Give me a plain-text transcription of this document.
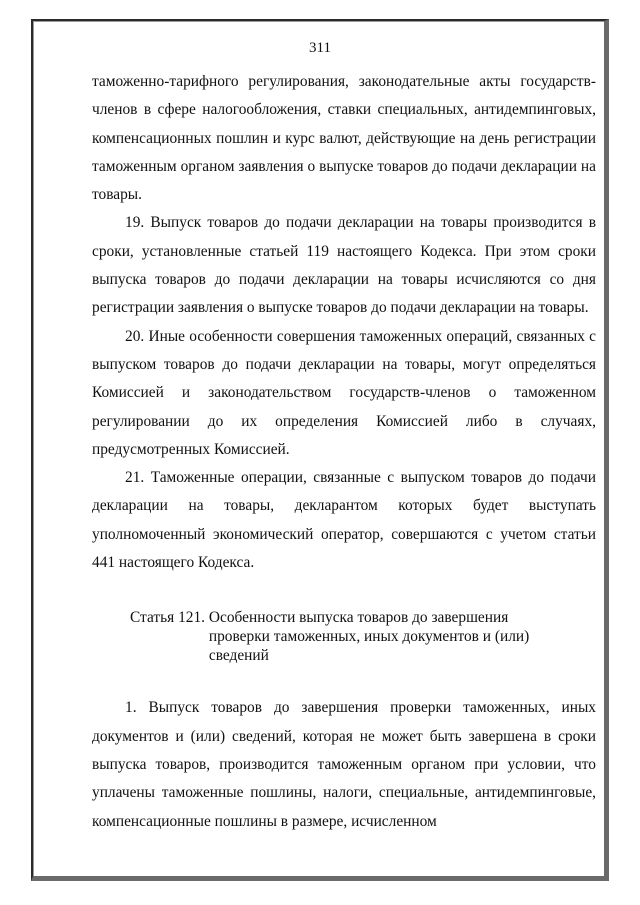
311

таможенно-тарифного регулирования, законодательные акты государств-членов в сфере налогообложения, ставки специальных, антидемпинговых, компенсационных пошлин и курс валют, действующие на день регистрации таможенным органом заявления о выпуске товаров до подачи декларации на товары.

19. Выпуск товаров до подачи декларации на товары производится в сроки, установленные статьей 119 настоящего Кодекса. При этом сроки выпуска товаров до подачи декларации на товары исчисляются со дня регистрации заявления о выпуске товаров до подачи декларации на товары.

20. Иные особенности совершения таможенных операций, связанных с выпуском товаров до подачи декларации на товары, могут определяться Комиссией и законодательством государств-членов о таможенном регулировании до их определения Комиссией либо в случаях, предусмотренных Комиссией.

21. Таможенные операции, связанные с выпуском товаров до подачи декларации на товары, декларантом которых будет выступать уполномоченный экономический оператор, совершаются с учетом статьи 441 настоящего Кодекса.

Статья 121. Особенности выпуска товаров до завершения
проверки таможенных, иных документов и (или)
сведений

1. Выпуск товаров до завершения проверки таможенных, иных документов и (или) сведений, которая не может быть завершена в сроки выпуска товаров, производится таможенным органом при условии, что уплачены таможенные пошлины, налоги, специальные, антидемпинговые, компенсационные пошлины в размере, исчисленном
